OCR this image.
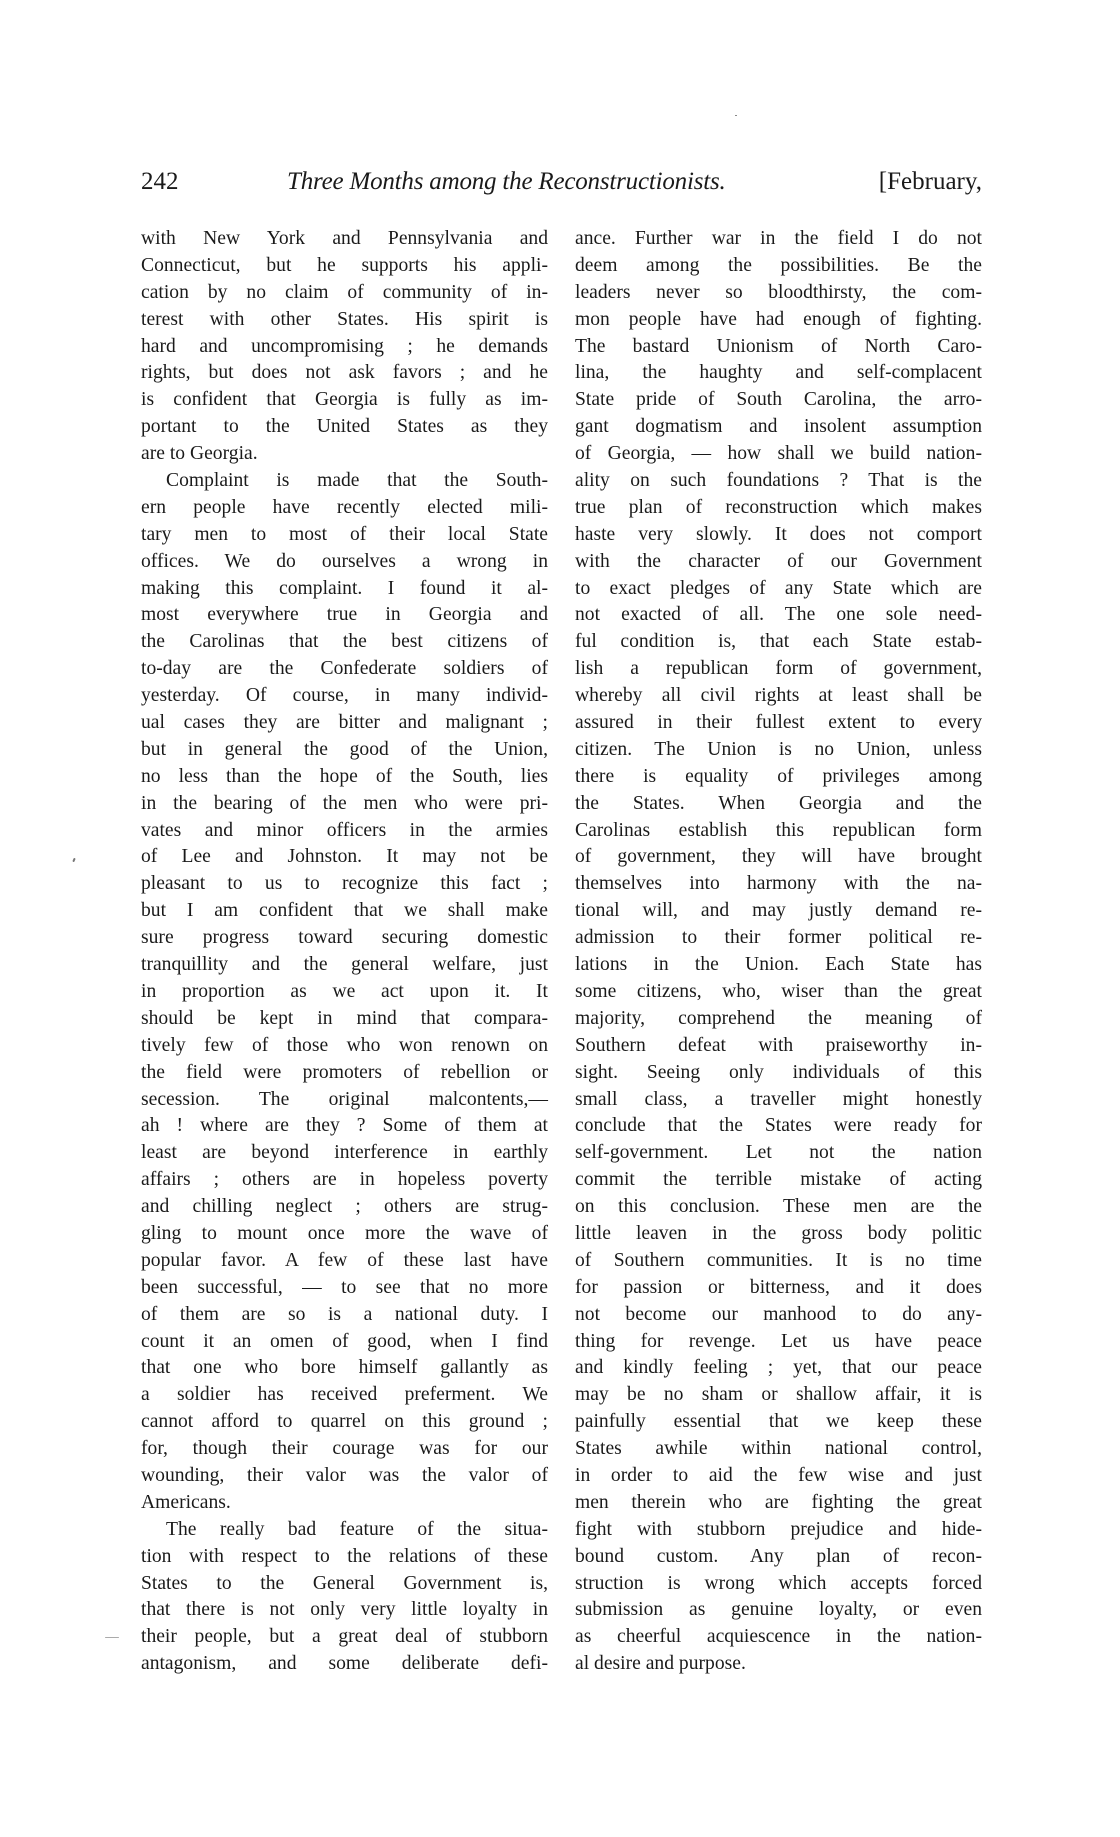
242	Three Months among the Reconstructionists.	[February,
with New York and Pennsylvania and
Connecticut, but he supports his appli-
cation by no claim of community of in-
terest with other States. His spirit is
hard and uncompromising ; he demands
rights, but does not ask favors ; and he
is confident that Georgia is fully as im-
portant to the United States as they
are to Georgia.
Complaint is made that the South-
ern people have recently elected mili-
tary men to most of their local State
offices. We do ourselves a wrong in
making this complaint. I found it al-
most everywhere true in Georgia and
the Carolinas that the best citizens of
to-day are the Confederate soldiers of
yesterday. Of course, in many individ-
ual cases they are bitter and malignant ;
but in general the good of the Union,
no less than the hope of the South, lies
in the bearing of the men who were pri-
vates and minor officers in the armies
of Lee and Johnston. It may not be
pleasant to us to recognize this fact ;
but I am confident that we shall make
sure progress toward securing domestic
tranquillity and the general welfare, just
in proportion as we act upon it. It
should be kept in mind that compara-
tively few of those who won renown on
the field were promoters of rebellion or
secession. The original malcontents,—
ah ! where are they ? Some of them at
least are beyond interference in earthly
affairs ; others are in hopeless poverty
and chilling neglect ; others are strug-
gling to mount once more the wave of
popular favor. A few of these last have
been successful, — to see that no more
of them are so is a national duty. I
count it an omen of good, when I find
that one who bore himself gallantly as
a soldier has received preferment. We
cannot afford to quarrel on this ground ;
for, though their courage was for our
wounding, their valor was the valor of
Americans.
The really bad feature of the situa-
tion with respect to the relations of these
States to the General Government is,
that there is not only very little loyalty in
their people, but a great deal of stubborn
antagonism, and some deliberate defi-
ance. Further war in the field I do not
deem among the possibilities. Be the
leaders never so bloodthirsty, the com-
mon people have had enough of fighting.
The bastard Unionism of North Caro-
lina, the haughty and self-complacent
State pride of South Carolina, the arro-
gant dogmatism and insolent assumption
of Georgia, — how shall we build nation-
ality on such foundations ? That is the
true plan of reconstruction which makes
haste very slowly. It does not comport
with the character of our Government
to exact pledges of any State which are
not exacted of all. The one sole need-
ful condition is, that each State estab-
lish a republican form of government,
whereby all civil rights at least shall be
assured in their fullest extent to every
citizen. The Union is no Union, unless
there is equality of privileges among
the States. When Georgia and the
Carolinas establish this republican form
of government, they will have brought
themselves into harmony with the na-
tional will, and may justly demand re-
admission to their former political re-
lations in the Union. Each State has
some citizens, who, wiser than the great
majority, comprehend the meaning of
Southern defeat with praiseworthy in-
sight. Seeing only individuals of this
small class, a traveller might honestly
conclude that the States were ready for
self-government. Let not the nation
commit the terrible mistake of acting
on this conclusion. These men are the
little leaven in the gross body politic
of Southern communities. It is no time
for passion or bitterness, and it does
not become our manhood to do any-
thing for revenge. Let us have peace
and kindly feeling ; yet, that our peace
may be no sham or shallow affair, it is
painfully essential that we keep these
States awhile within national control,
in order to aid the few wise and just
men therein who are fighting the great
fight with stubborn prejudice and hide-
bound custom. Any plan of recon-
struction is wrong which accepts forced
submission as genuine loyalty, or even
as cheerful acquiescence in the nation-
al desire and purpose.
